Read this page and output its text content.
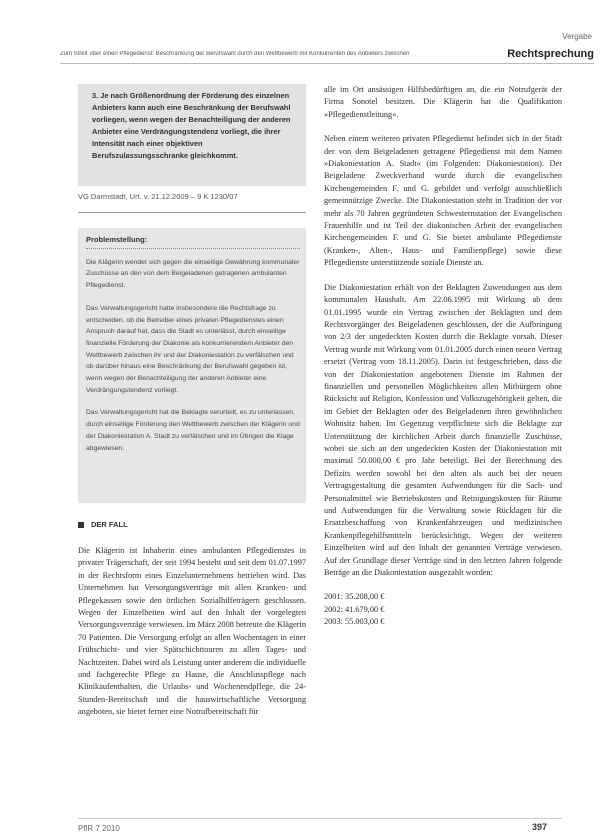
Vergabe
Zum Streit über einen Pflegedienst: Beschränkung der Berufswahl durch den Wettbewerb mit Konkurrenten des Anbieters zwischen	Rechtsprechung
3. Je nach Größenordnung der Förderung des einzelnen Anbieters kann auch eine Beschränkung der Berufswahl vorliegen, wenn wegen der Benachteiligung der anderen Anbieter eine Verdrängungstendenz vorliegt, die ihrer Intensität nach einer objektiven Berufszulassungsschranke gleichkommt.
VG Darmstadt, Urt. v. 21.12.2009 – 9 K 1230/07
Problemstellung:

Die Klägerin wendet sich gegen die einseitige Gewährung kommunaler Zuschüsse an den von dem Beigeladenen getragenen ambulanten Pflegedienst.

Das Verwaltungsgericht hatte insbesondere die Rechtsfrage zu entscheiden, ob die Betreiber eines privaten Pflegedienstes einen Anspruch darauf hat, dass die Stadt es unterlässt, durch einseitige finanzielle Förderung der Diakonie als konkurrierendem Anbieter den Wettbewerb zwischen ihr und der Diakoniestation zu verfälschen und ob darüber hinaus eine Beschränkung der Berufswahl gegeben ist, wenn wegen der Benachteiligung der anderen Anbieter eine Verdrängungstendenz vorliegt.

Das Verwaltungsgericht hat die Beklagte verurteilt, es zu unterlassen, durch einseitige Förderung den Wettbewerb zwischen der Klägerin und der Diakoniestation A. Stadt zu verfälschen und im Übrigen die Klage abgewiesen.

DER FALL

Die Klägerin ist Inhaberin eines ambulanten Pflegedienstes in privater Trägerschaft, der seit 1994 besteht und seit dem 01.07.1997 in der Rechtsform eines Einzelunternehmens betrieben wird. Das Unternehmen hat Versorgungsverträge mit allen Kranken- und Pflegekassen sowie den örtlichen Sozialhilfeträgern geschlossen. Wegen der Einzelheiten wird auf den Inhalt der vorgelegten Versorgungsverträge verwiesen. Im März 2008 betreute die Klägerin 70 Patienten. Die Versorgung erfolgt an allen Wochentagen in einer Frühschicht- und vier Spätschichttouren zu allen Tages- und Nachtzeiten. Dabei wird als Leistung unter anderem die individuelle und fachgerechte Pflege zu Hause, die Anschlusspflege nach Klinikaufenthalten, die Urlaubs- und Wochenendpflege, die 24-Stunden-Bereitschaft und die hauswirtschaftliche Versorgung angeboten, sie bietet ferner eine Notrufbereitschaft für

alle im Ort ansässigen Hilfsbedürftigen an, die ein Notrufgerät der Firma Sonotel besitzen. Die Klägerin hat die Qualifikation »Pflegedienstleitung«.

Neben einem weiteren privaten Pflegedienst befindet sich in der Stadt der von dem Beigeladenen getragene Pflegedienst mit dem Namen »Diakoniestation A. Stadt« (im Folgenden: Diakoniestation). Der Beigeladene Zweckverband wurde durch die evangelischen Kirchengemeinden F. und G. gebildet und verfolgt ausschließlich gemeinnützige Zwecke. Die Diakoniestation steht in Tradition der vor mehr als 70 Jahren gegründeten Schwesternstation der Evangelischen Frauenhilfe und ist Teil der diakonischen Arbeit der evangelischen Kirchengemeinden F. und G. Sie bietet ambulante Pflegedienste (Kranken-, Alten-, Haus- und Familienpflege) sowie diese Pflegedienste unterstützende soziale Dienste an.

Die Diakoniestation erhält von der Beklagten Zuwendungen aus dem kommunalen Haushalt. Am 22.06.1995 mit Wirkung ab dem 01.01.1995 wurde ein Vertrag zwischen der Beklagten und dem Rechtsvorgänger des Beigeladenen geschlossen, der die Aufbringung von 2/3 der ungedeckten Kosten durch die Beklagte vorsah. Dieser Vertrag wurde mit Wirkung vom 01.01.2005 durch einen neuen Vertrag ersetzt (Vertrag vom 18.11.2005). Darin ist festgeschrieben, dass die von der Diakoniestation angebotenen Dienste im Rahmen der finanziellen und personellen Möglichkeiten allen Mitbürgern ohne Rücksicht auf Religion, Konfession und Volkszugehörigkeit gelten, die im Gebiet der Beklagten oder des Beigeladenen ihren gewöhnlichen Wohnsitz haben. Im Gegenzug verpflichtete sich die Beklagte zur Unterstützung der kirchlichen Arbeit durch finanzielle Zuschüsse, wobei sie sich an den ungedeckten Kosten der Diakoniestation mit maximal 50.000,00 € pro Jahr beteiligt. Bei der Berechnung des Defizits werden sowohl bei den alten als auch bei der neuen Vertragsgestaltung die gesamten Aufwendungen für die Sach- und Personalmittel wie Betriebskosten und Reinigungskosten für Räume und Aufwendungen für die Verwaltung sowie Rücklagen für die Ersatzbeschaffung von Krankenfahrzeugen und medizinischen Krankenpflegehilfsmitteln berücksichtigt. Wegen der weiteren Einzelheiten wird auf den Inhalt der genannten Verträge verwiesen. Auf der Grundlage dieser Verträge sind in den letzten Jahren folgende Beträge an die Diakoniestation ausgezahlt worden:

2001: 35.208,00 €

2002: 41.679,00 €

2003: 55.003,00 €

PflR 7 2010	397
